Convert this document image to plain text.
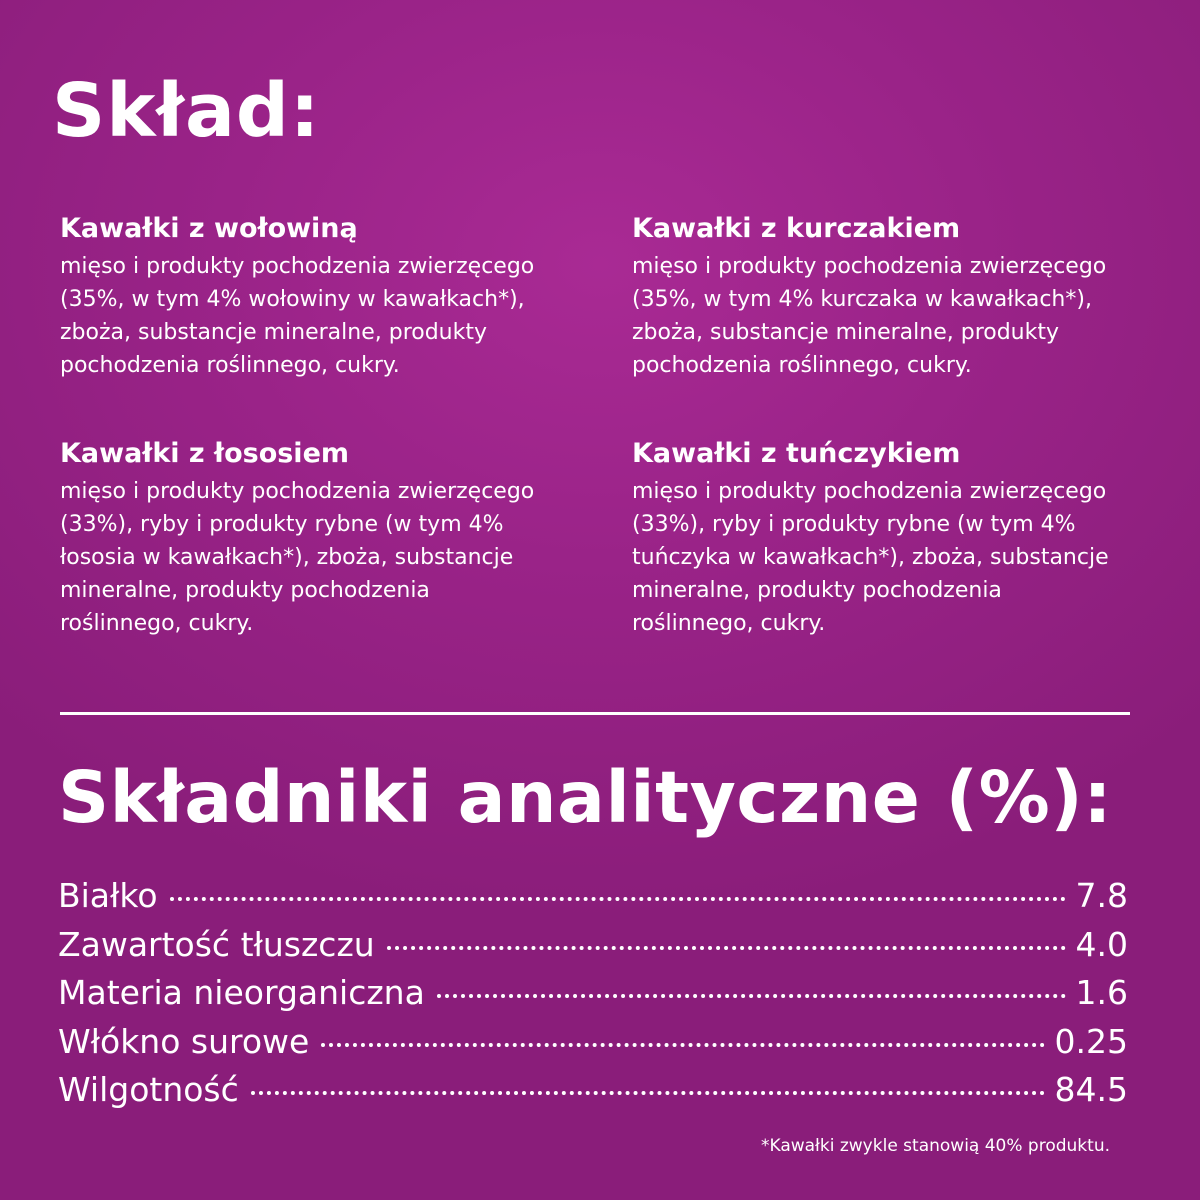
Skład:

Kawałki z wołowiną

mięso i produkty pochodzenia zwierzęcego
(35%, w tym 4% wołowiny w kawałkach*),
zboża, substancje mineralne, produkty
pochodzenia roślinnego, cukry.

Kawałki z kurczakiem

mięso i produkty pochodzenia zwierzęcego
(35%, w tym 4% kurczaka w kawałkach*),
zboża, substancje mineralne, produkty
pochodzenia roślinnego, cukry.

Kawałki z łososiem

mięso i produkty pochodzenia zwierzęcego
(33%), ryby i produkty rybne (w tym 4%
łososia w kawałkach*), zboża, substancje
mineralne, produkty pochodzenia
roślinnego, cukry.

Kawałki z tuńczykiem

mięso i produkty pochodzenia zwierzęcego
(33%), ryby i produkty rybne (w tym 4%
tuńczyka w kawałkach*), zboża, substancje
mineralne, produkty pochodzenia
roślinnego, cukry.

Składniki analityczne (%):
Białko	7.8
Zawartość tłuszczu	4.0
Materia nieorganiczna	1.6
Włókno surowe	0.25
Wilgotność	84.5
*Kawałki zwykle stanowią 40% produktu.
